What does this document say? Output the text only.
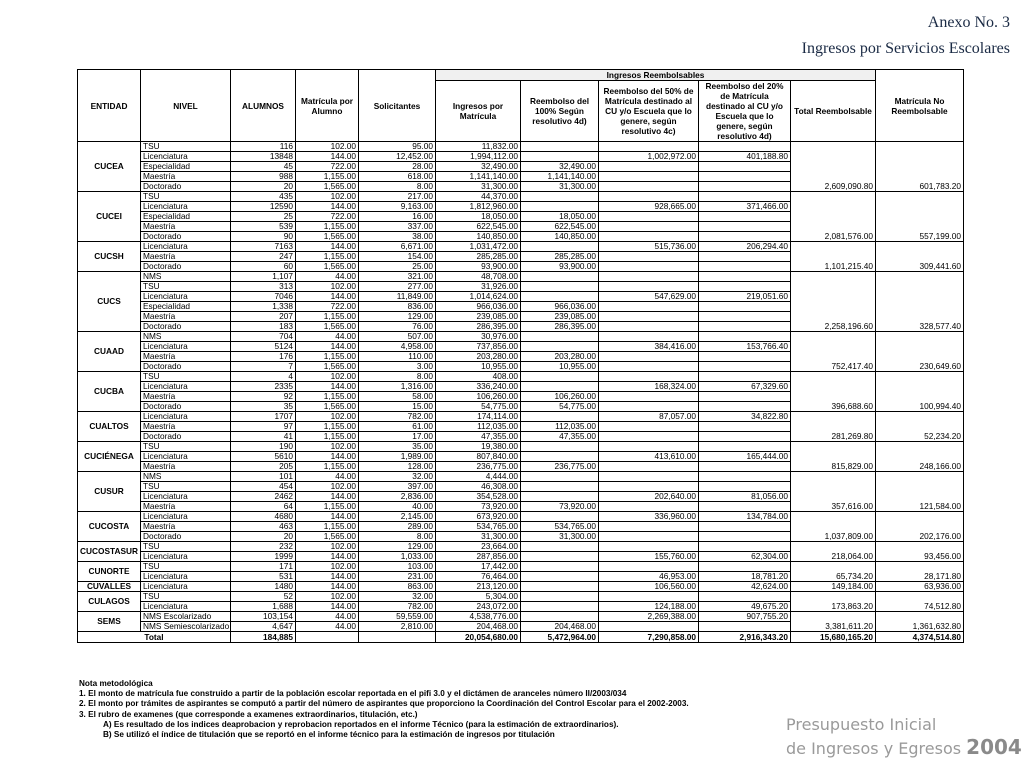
Anexo No. 3
Ingresos por Servicios Escolares
ENTIDAD	NIVEL	ALUMNOS	Matrícula por Alumno	Solicitantes	Ingresos Reembolsables					Matrícula No Reembolsable
					Ingresos por Matrícula	Reembolso del 100% Según resolutivo 4d)	Reembolso del 50% de Matrícula destinado al CU y/o Escuela que lo genere, según resolutivo 4c)	Reembolso del 20% de Matrícula destinado al CU y/o Escuela que lo genere, según resolutivo 4d)	Total Reembolsable	
CUCEA	TSU	116	102.00	95.00	11,832.00				2,609,090.80	601,783.20
	Licenciatura	13848	144.00	12,452.00	1,994,112.00		1,002,972.00	401,188.80		
	Especialidad	45	722.00	28.00	32,490.00	32,490.00				
	Maestría	988	1,155.00	618.00	1,141,140.00	1,141,140.00				
	Doctorado	20	1,565.00	8.00	31,300.00	31,300.00				
CUCEI	TSU	435	102.00	217.00	44,370.00				2,081,576.00	557,199.00
	Licenciatura	12590	144.00	9,163.00	1,812,960.00		928,665.00	371,466.00		
	Especialidad	25	722.00	16.00	18,050.00	18,050.00				
	Maestría	539	1,155.00	337.00	622,545.00	622,545.00				
	Doctorado	90	1,565.00	38.00	140,850.00	140,850.00				
CUCSH	Licenciatura	7163	144.00	6,671.00	1,031,472.00		515,736.00	206,294.40	1,101,215.40	309,441.60
	Maestría	247	1,155.00	154.00	285,285.00	285,285.00				
	Doctorado	60	1,565.00	25.00	93,900.00	93,900.00				
CUCS	NMS	1,107	44.00	321.00	48,708.00				2,258,196.60	328,577.40
	TSU	313	102.00	277.00	31,926.00					
	Licenciatura	7046	144.00	11,849.00	1,014,624.00		547,629.00	219,051.60		
	Especialidad	1,338	722.00	836.00	966,036.00	966,036.00				
	Maestría	207	1,155.00	129.00	239,085.00	239,085.00				
	Doctorado	183	1,565.00	76.00	286,395.00	286,395.00				
CUAAD	NMS	704	44.00	507.00	30,976.00				752,417.40	230,649.60
	Licenciatura	5124	144.00	4,958.00	737,856.00		384,416.00	153,766.40		
	Maestría	176	1,155.00	110.00	203,280.00	203,280.00				
	Doctorado	7	1,565.00	3.00	10,955.00	10,955.00				
CUCBA	TSU	4	102.00	8.00	408.00				396,688.60	100,994.40
	Licenciatura	2335	144.00	1,316.00	336,240.00		168,324.00	67,329.60		
	Maestría	92	1,155.00	58.00	106,260.00	106,260.00				
	Doctorado	35	1,565.00	15.00	54,775.00	54,775.00				
CUALTOS	Licenciatura	1707	102.00	782.00	174,114.00		87,057.00	34,822.80	281,269.80	52,234.20
	Maestría	97	1,155.00	61.00	112,035.00	112,035.00				
	Doctorado	41	1,155.00	17.00	47,355.00	47,355.00				
CUCIÉNEGA	TSU	190	102.00	35.00	19,380.00				815,829.00	248,166.00
	Licenciatura	5610	144.00	1,989.00	807,840.00		413,610.00	165,444.00		
	Maestría	205	1,155.00	128.00	236,775.00	236,775.00				
CUSUR	NMS	101	44.00	32.00	4,444.00				357,616.00	121,584.00
	TSU	454	102.00	397.00	46,308.00					
	Licenciatura	2462	144.00	2,836.00	354,528.00		202,640.00	81,056.00		
	Maestría	64	1,155.00	40.00	73,920.00	73,920.00				
CUCOSTA	Licenciatura	4680	144.00	2,145.00	673,920.00		336,960.00	134,784.00	1,037,809.00	202,176.00
	Maestría	463	1,155.00	289.00	534,765.00	534,765.00				
	Doctorado	20	1,565.00	8.00	31,300.00	31,300.00				
CUCOSTASUR	TSU	232	102.00	129.00	23,664.00				218,064.00	93,456.00
	Licenciatura	1999	144.00	1,033.00	287,856.00		155,760.00	62,304.00		
CUNORTE	TSU	171	102.00	103.00	17,442.00				65,734.20	28,171.80
	Licenciatura	531	144.00	231.00	76,464.00		46,953.00	18,781.20		
CUVALLES	Licenciatura	1480	144.00	863.00	213,120.00		106,560.00	42,624.00	149,184.00	63,936.00
CULAGOS	TSU	52	102.00	32.00	5,304.00				173,863.20	74,512.80
	Licenciatura	1,688	144.00	782.00	243,072.00		124,188.00	49,675.20		
SEMS	NMS Escolarizado	103,154	44.00	59,559.00	4,538,776.00		2,269,388.00	907,755.20	3,381,611.20	1,361,632.80
	NMS Semiescolarizado	4,647	44.00	2,810.00	204,468.00	204,468.00				
Total		184,885			20,054,680.00	5,472,964.00	7,290,858.00	2,916,343.20	15,680,165.20	4,374,514.80
Nota metodológica
1. El monto de matrícula fue construido a partir de la población escolar reportada en el pifi 3.0 y el dictámen de aranceles número II/2003/034
2. El monto por trámites de aspirantes se computó a partir del número de aspirantes que proporciono la Coordinación del Control Escolar para el 2002-2003.
3. El rubro de examenes (que corresponde a examenes extraordinarios, titulación, etc.)
A) Es resultado de los indices deaprobacion y reprobacion reportados en el informe Técnico (para la estimación de extraordinarios).
B) Se utilizó el índice de titulación que se reportó en el informe técnico para la estimación de ingresos por titulación
Presupuesto Inicial
de Ingresos y Egresos 2004
